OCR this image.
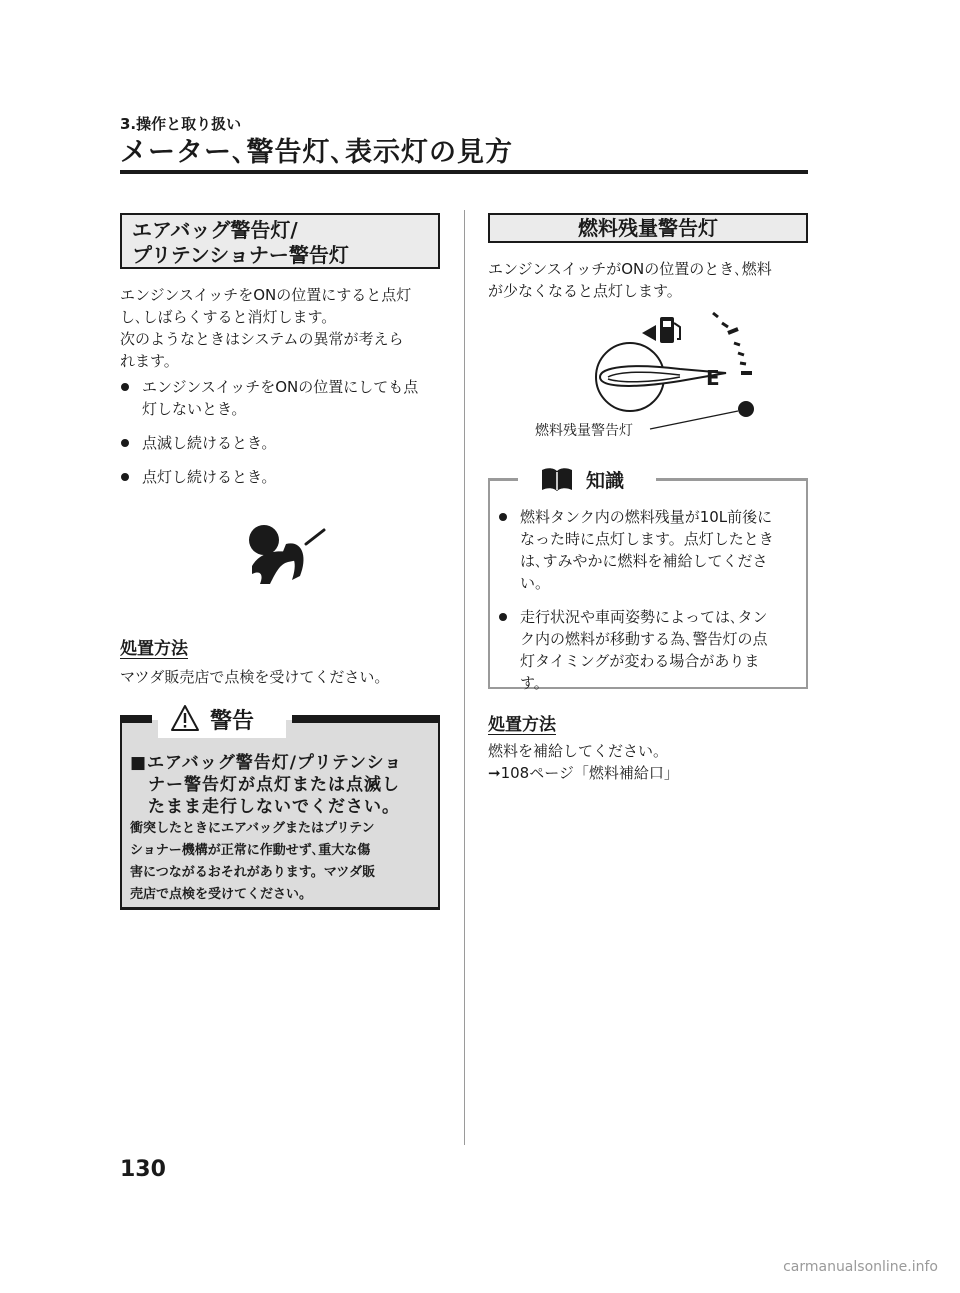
3.操作と取り扱い
メーター､警告灯､表示灯の見方
エアバッグ警告灯/
プリテンショナー警告灯
エンジンスイッチをONの位置にすると点灯
し､しばらくすると消灯します。
次のようなときはシステムの異常が考えら
れます。
エンジンスイッチをONの位置にしても点
灯しないとき。
点滅し続けるとき。
点灯し続けるとき。
処置方法
マツダ販売店で点検を受けてください。
警告
■エアバッグ警告灯/プリテンショ
ナー警告灯が点灯または点滅し
たまま走行しないでください。
衝突したときにエアバッグまたはプリテン
ショナー機構が正常に作動せず､重大な傷
害につながるおそれがあります。マツダ販
売店で点検を受けてください。
燃料残量警告灯
エンジンスイッチがONの位置のとき､燃料
が少なくなると点灯します。
E
燃料残量警告灯
知識
燃料タンク内の燃料残量が10L前後に
なった時に点灯します。点灯したとき
は､すみやかに燃料を補給してくださ
い。
走行状況や車両姿勢によっては､タン
ク内の燃料が移動する為､警告灯の点
灯タイミングが変わる場合がありま
す。
処置方法
燃料を補給してください。
➞108ページ「燃料補給口」
130
carmanualsonline.info
